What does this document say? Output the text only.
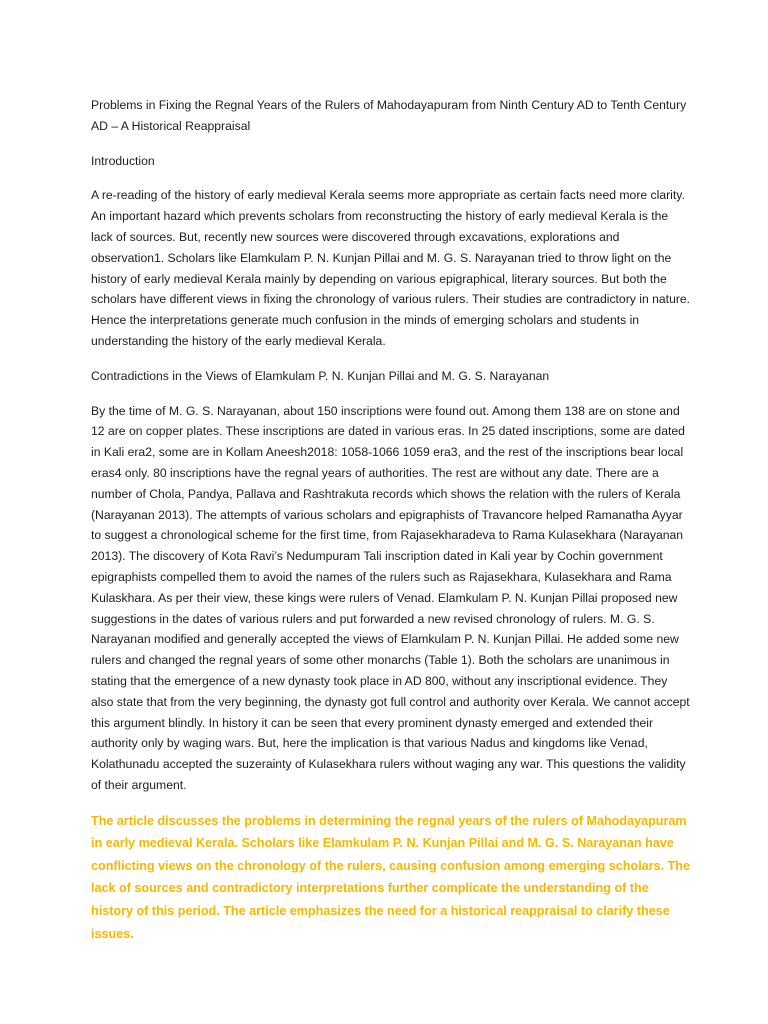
Problems in Fixing the Regnal Years of the Rulers of Mahodayapuram from Ninth Century AD to Tenth Century AD – A Historical Reappraisal

Introduction

A re-reading of the history of early medieval Kerala seems more appropriate as certain facts need more clarity. An important hazard which prevents scholars from reconstructing the history of early medieval Kerala is the lack of sources. But, recently new sources were discovered through excavations, explorations and observation1. Scholars like Elamkulam P. N. Kunjan Pillai and M. G. S. Narayanan tried to throw light on the history of early medieval Kerala mainly by depending on various epigraphical, literary sources. But both the scholars have different views in fixing the chronology of various rulers. Their studies are contradictory in nature. Hence the interpretations generate much confusion in the minds of emerging scholars and students in understanding the history of the early medieval Kerala.

Contradictions in the Views of Elamkulam P. N. Kunjan Pillai and M. G. S. Narayanan

By the time of M. G. S. Narayanan, about 150 inscriptions were found out. Among them 138 are on stone and 12 are on copper plates. These inscriptions are dated in various eras. In 25 dated inscriptions, some are dated in Kali era2, some are in Kollam Aneesh2018: 1058-1066 1059 era3, and the rest of the inscriptions bear local eras4 only. 80 inscriptions have the regnal years of authorities. The rest are without any date. There are a number of Chola, Pandya, Pallava and Rashtrakuta records which shows the relation with the rulers of Kerala (Narayanan 2013). The attempts of various scholars and epigraphists of Travancore helped Ramanatha Ayyar to suggest a chronological scheme for the first time, from Rajasekharadeva to Rama Kulasekhara (Narayanan 2013). The discovery of Kota Ravi’s Nedumpuram Tali inscription dated in Kali year by Cochin government epigraphists compelled them to avoid the names of the rulers such as Rajasekhara, Kulasekhara and Rama Kulaskhara. As per their view, these kings were rulers of Venad. Elamkulam P. N. Kunjan Pillai proposed new suggestions in the dates of various rulers and put forwarded a new revised chronology of rulers. M. G. S. Narayanan modified and generally accepted the views of Elamkulam P. N. Kunjan Pillai. He added some new rulers and changed the regnal years of some other monarchs (Table 1). Both the scholars are unanimous in stating that the emergence of a new dynasty took place in AD 800, without any inscriptional evidence. They also state that from the very beginning, the dynasty got full control and authority over Kerala. We cannot accept this argument blindly. In history it can be seen that every prominent dynasty emerged and extended their authority only by waging wars. But, here the implication is that various Nadus and kingdoms like Venad, Kolathunadu accepted the suzerainty of Kulasekhara rulers without waging any war. This questions the validity of their argument.

The article discusses the problems in determining the regnal years of the rulers of Mahodayapuram in early medieval Kerala. Scholars like Elamkulam P. N. Kunjan Pillai and M. G. S. Narayanan have conflicting views on the chronology of the rulers, causing confusion among emerging scholars. The lack of sources and contradictory interpretations further complicate the understanding of the history of this period. The article emphasizes the need for a historical reappraisal to clarify these issues.
